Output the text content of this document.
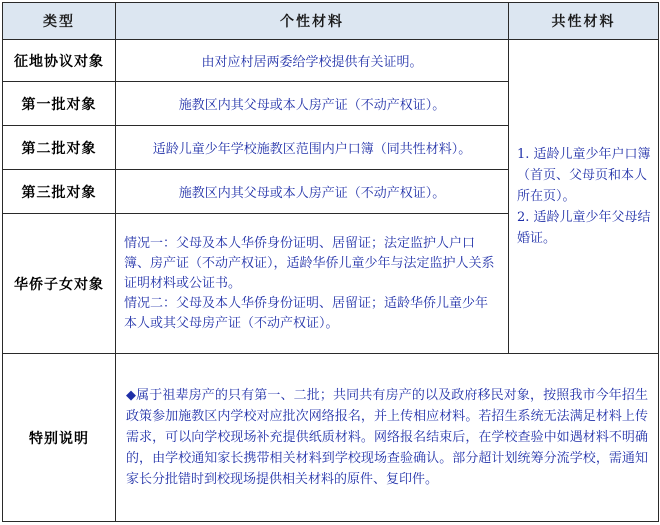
类型	个性材料	共性材料
征地协议对象	由对应村居两委给学校提供有关证明。	1. 适龄儿童少年户口簿（首页、父母页和本人所在页）。
2. 适龄儿童少年父母结婚证。

第一批对象	施教区内其父母或本人房产证（不动产权证）。	
第二批对象	适龄儿童少年学校施教区范围内户口簿（同共性材料）。	
第三批对象	施教区内其父母或本人房产证（不动产权证）。	
华侨子女对象	情况一：父母及本人华侨身份证明、居留证；法定监护人户口簿、房产证（不动产权证），适龄华侨儿童少年与法定监护人关系证明材料或公证书。
情况二：父母及本人华侨身份证明、居留证；适龄华侨儿童少年本人或其父母房产证（不动产权证）。	

特别说明	◆属于祖辈房产的只有第一、二批；共同共有房产的以及政府移民对象，按照我市今年招生政策参加施教区内学校对应批次网络报名，并上传相应材料。若招生系统无法满足材料上传需求，可以向学校现场补充提供纸质材料。网络报名结束后，在学校查验中如遇材料不明确的，由学校通知家长携带相关材料到学校现场查验确认。部分超计划统筹分流学校，需通知家长分批错时到校现场提供相关材料的原件、复印件。	
